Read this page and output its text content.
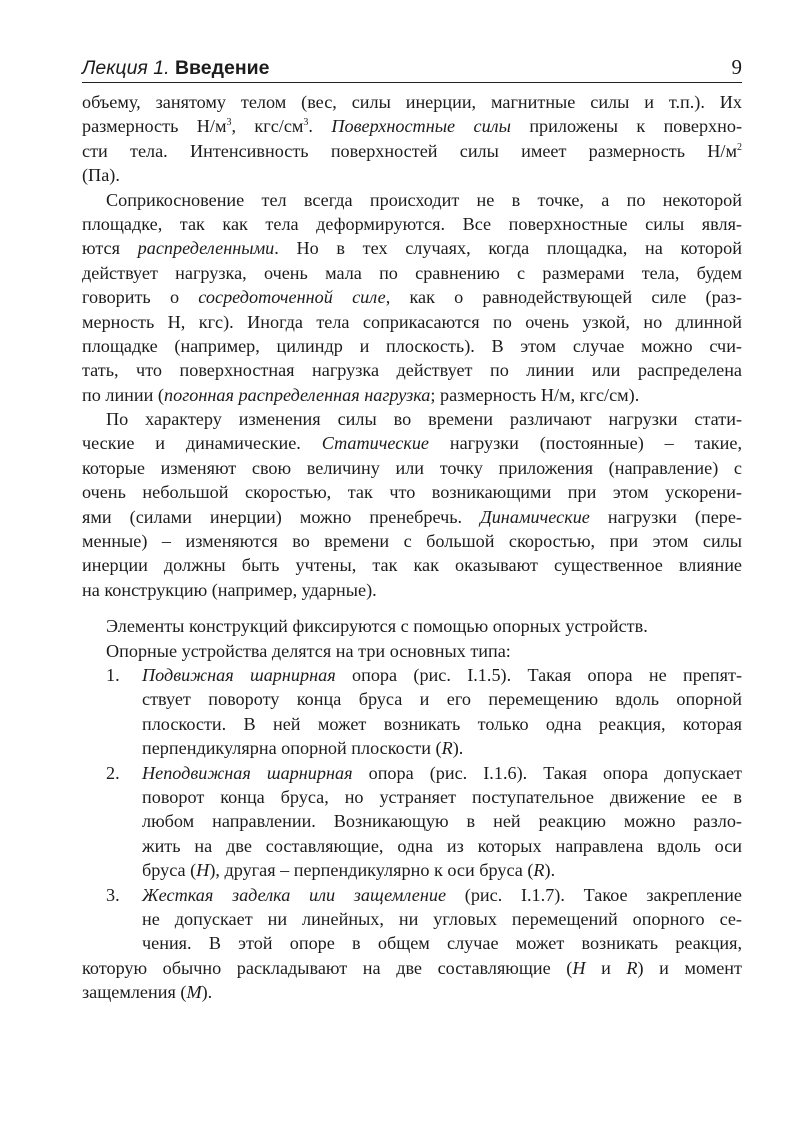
Лекция 1. Введение	9
объему, занятому телом (вес, силы инерции, магнитные силы и т.п.). Их
размерность $Н/м^3$, кгс/$см^3$. Поверхностные силы приложены к поверхно-
сти тела. Интенсивность поверхностей силы имеет размерность $Н/м^2$
(Па).
Соприкосновение тел всегда происходит не в точке, а по некоторой
площадке, так как тела деформируются. Все поверхностные силы явля-
ются распределенными. Но в тех случаях, когда площадка, на которой
действует нагрузка, очень мала по сравнению с размерами тела, будем
говорить о сосредоточенной силе, как о равнодействующей силе (раз-
мерность Н, кгс). Иногда тела соприкасаются по очень узкой, но длинной
площадке (например, цилиндр и плоскость). В этом случае можно счи-
тать, что поверхностная нагрузка действует по линии или распределена
по линии (погонная распределенная нагрузка; размерность Н/м, кгс/см).
По характеру изменения силы во времени различают нагрузки стати-
ческие и динамические. Статические нагрузки (постоянные) – такие,
которые изменяют свою величину или точку приложения (направление) с
очень небольшой скоростью, так что возникающими при этом ускорени-
ями (силами инерции) можно пренебречь. Динамические нагрузки (пере-
менные) – изменяются во времени с большой скоростью, при этом силы
инерции должны быть учтены, так как оказывают существенное влияние
на конструкцию (например, ударные).
Элементы конструкций фиксируются с помощью опорных устройств.
Опорные устройства делятся на три основных типа:
1. Подвижная шарнирная опора (рис. I.1.5). Такая опора не препят-
ствует повороту конца бруса и его перемещению вдоль опорной
плоскости. В ней может возникать только одна реакция, которая
перпендикулярна опорной плоскости (R).
2. Неподвижная шарнирная опора (рис. I.1.6). Такая опора допускает
поворот конца бруса, но устраняет поступательное движение ее в
любом направлении. Возникающую в ней реакцию можно разло-
жить на две составляющие, одна из которых направлена вдоль оси
бруса (H), другая – перпендикулярно к оси бруса (R).
3. Жесткая заделка или защемление (рис. I.1.7). Такое закрепление
не допускает ни линейных, ни угловых перемещений опорного се-
чения. В этой опоре в общем случае может возникать реакция,
которую обычно раскладывают на две составляющие (H и R) и момент
защемления (M).
